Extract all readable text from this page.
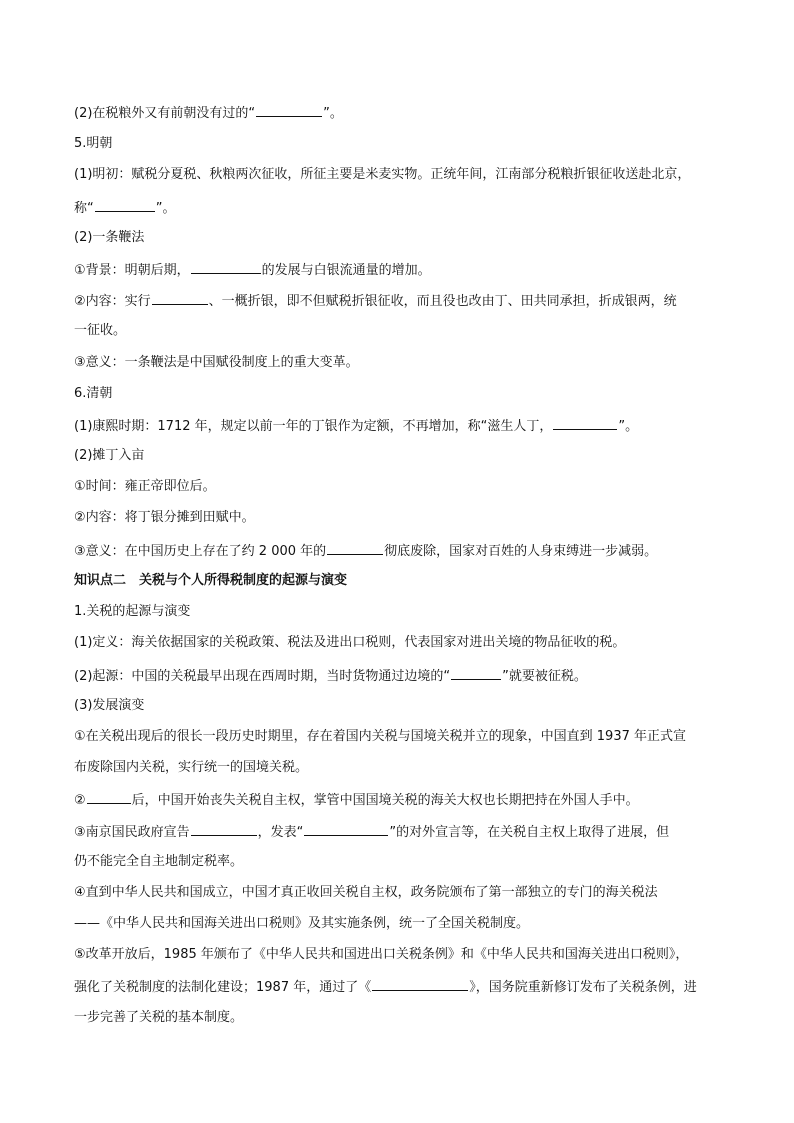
(2)在税粮外又有前朝没有过的“	”。

5.明朝

(1)明初：赋税分夏税、秋粮两次征收，所征主要是米麦实物。正统年间，江南部分税粮折银征收送赴北京，

称“	”。

(2)一条鞭法

①背景：明朝后期，	的发展与白银流通量的增加。

②内容：实行	、一概折银，即不但赋税折银征收，而且役也改由丁、田共同承担，折成银两，统

一征收。

③意义：一条鞭法是中国赋役制度上的重大变革。

6.清朝

(1)康熙时期：1712 年，规定以前一年的丁银作为定额，不再增加，称“滋生人丁，	”。

(2)摊丁入亩

①时间：雍正帝即位后。

②内容：将丁银分摊到田赋中。

③意义：在中国历史上存在了约 2 000 年的	彻底废除，国家对百姓的人身束缚进一步减弱。

知识点二　关税与个人所得税制度的起源与演变

1.关税的起源与演变

(1)定义：海关依据国家的关税政策、税法及进出口税则，代表国家对进出关境的物品征收的税。

(2)起源：中国的关税最早出现在西周时期，当时货物通过边境的“	”就要被征税。

(3)发展演变

①在关税出现后的很长一段历史时期里，存在着国内关税与国境关税并立的现象，中国直到 1937 年正式宣

布废除国内关税，实行统一的国境关税。

②	后，中国开始丧失关税自主权，掌管中国国境关税的海关大权也长期把持在外国人手中。

③南京国民政府宣告	，发表“	”的对外宣言等，在关税自主权上取得了进展，但

仍不能完全自主地制定税率。

④直到中华人民共和国成立，中国才真正收回关税自主权，政务院颁布了第一部独立的专门的海关税法

——《中华人民共和国海关进出口税则》及其实施条例，统一了全国关税制度。

⑤改革开放后，1985 年颁布了《中华人民共和国进出口关税条例》和《中华人民共和国海关进出口税则》，

强化了关税制度的法制化建设；1987 年，通过了《	》，国务院重新修订发布了关税条例，进

一步完善了关税的基本制度。
